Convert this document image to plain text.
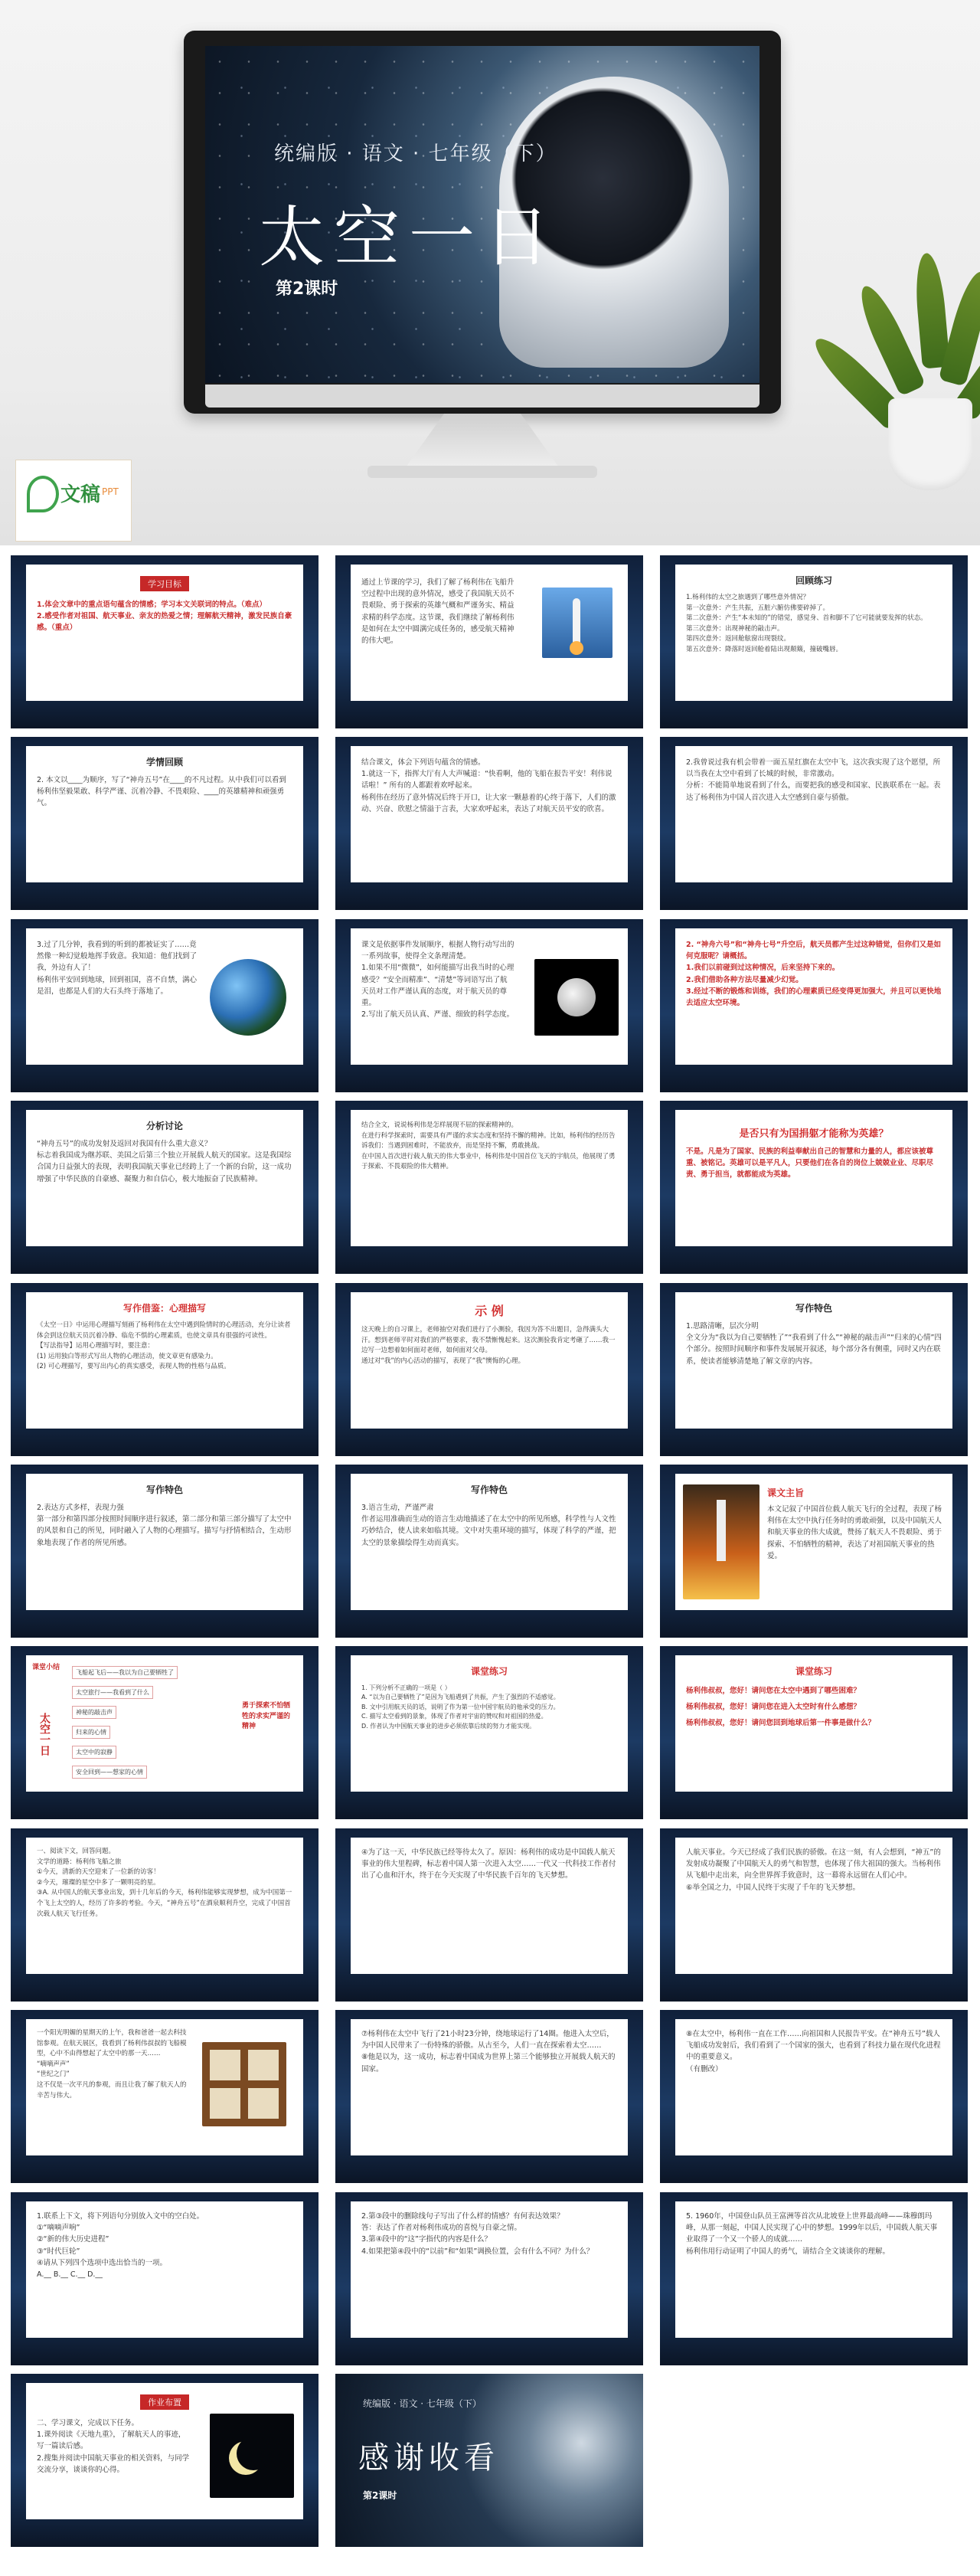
统编版 · 语文 · 七年级（下）
太空一日
第2课时
文稿 PPT
学习目标
1.体会文章中的重点语句蕴含的情感；学习本文关联词的特点。（难点）
2.感受作者对祖国、航天事业、亲友的热爱之情；理解航天精神，激发民族自豪感。（重点）
通过上节课的学习，我们了解了杨利伟在飞船升空过程中出现的意外情况，感受了我国航天员不畏艰险、勇于探索的英雄气概和严谨务实、精益求精的科学态度。这节课，我们继续了解杨利伟是如何在太空中圆满完成任务的，感受航天精神的伟大吧。
回顾练习
1.杨利伟的太空之旅遇到了哪些意外情况？
第一次意外：产生共振，五脏六腑仿佛要碎掉了。
第二次意外：产生“本未知的”的错觉，感觉身、首和脚不了它可能就要发挥的状态。
第三次意外：出现神秘的敲击声。
第四次意外：返回舱舷窗出现裂纹。
第五次意外：降落时返回舱着陆出现颠簸，撞破嘴唇。
学情回顾
2. 本文以____为顺序，写了“神舟五号”在____的不凡过程。从中我们可以看到杨利伟坚毅果敢、科学严谨、沉着冷静、不畏艰险、____的英雄精神和顽强勇气。
结合课文，体会下列语句蕴含的情感。
1.就这一下，指挥大厅有人大声喊道：“快看啊，他的飞船在报告平安！利伟说话啦！” 所有的人都跟着欢呼起来。
杨利伟在经历了意外情况后终于开口，让大家一颗悬着的心终于落下，人们的激动、兴奋、欣慰之情溢于言表，大家欢呼起来，表达了对航天员平安的欣喜。
2.我曾说过我有机会带着一面五星红旗在太空中飞，这次我实现了这个愿望，所以当我在太空中看到了长城的时候，非常激动。
分析：不能简单地说看到了什么，而要把我的感受和国家、民族联系在一起。表达了杨利伟为中国人首次进入太空感到自豪与骄傲。
3.过了几分钟，我看到的听到的都被证实了……竟然像一种幻觉般地挥手致意。我知道：他们找到了我，外边有人了！
杨利伟平安回到地球，回到祖国，喜不自禁，满心是泪，也都是人们的大石头终于落地了。
课文是依据事件发展顺序，根据人物行动写出的一系列故事，使得全文条理清楚。
1.如果不用“微微”，如何能描写出我当时的心理感受？“安全而精准”、“清楚”等词语写出了航天员对工作严谨认真的态度，对于航天员的尊重。
2.写出了航天员认真、严谨、细致的科学态度。
2. “神舟六号”和“神舟七号”升空后，航天员都产生过这种错觉，但你们又是如何克服呢？请概括。
1.我们以前碰到过这种情况，后来坚持下来的。
2.我们借助各种方法尽量减少幻觉。
3.经过不断的锻炼和训练，我们的心理素质已经变得更加强大，并且可以更快地去适应太空环境。
分析讨论
“神舟五号”的成功发射及返回对我国有什么重大意义？
标志着我国成为继苏联、美国之后第三个独立开展载人航天的国家。这是我国综合国力日益强大的表现，表明我国航天事业已经跨上了一个新的台阶，这一成功增强了中华民族的自豪感、凝聚力和自信心，极大地振奋了民族精神。
结合全文，说说杨利伟是怎样展现不屈的探索精神的。
在进行科学探索时，需要具有严谨的求实态度和坚持不懈的精神。比如，杨利伟的经历告诉我们：当遇到困难时，不能放弃，而是坚持不懈，勇敢挑战。
在中国人首次进行载人航天的伟大事业中，杨利伟是中国首位飞天的宇航员，他展现了勇于探索、不畏艰险的伟大精神。
是否只有为国捐躯才能称为英雄？
不是。凡是为了国家、民族的利益奉献出自己的智慧和力量的人，都应该被尊重、被铭记。英雄可以是平凡人，只要他们在各自的岗位上兢兢业业、尽职尽责、勇于担当，就都能成为英雄。
写作借鉴：心理描写
《太空一日》中运用心理描写刻画了杨利伟在太空中遇到险情时的心理活动，充分让读者体会到这位航天员沉着冷静、临危不惧的心理素质，也使文章具有很强的可读性。
【写法指导】运用心理描写时，要注意：
(1) 运用独白等形式写出人物的心理活动，使文章更有感染力。
(2) 可心理描写，要写出内心的真实感受，表现人物的性格与品质。
示 例
这天晚上的自习课上，老师抽空对我们进行了小测验，我因为答不出题目，急得满头大汗。想到老师平时对我们的严格要求，我不禁惭愧起来。这次测验我肯定考砸了……我一边写一边想着如何面对老师，如何面对父母。
通过对“我”的内心活动的描写，表现了“我”懊悔的心理。
写作特色
1.思路清晰，层次分明
全文分为“我以为自己要牺牲了”“我看到了什么”“神秘的敲击声”“归来的心情”四个部分。按照时间顺序和事件发展展开叙述，每个部分各有侧重，同时又内在联系，使读者能够清楚地了解文章的内容。
写作特色
2.表达方式多样，表现力强
第一部分和第四部分按照时间顺序进行叙述，第二部分和第三部分描写了太空中的风景和自己的所见，同时融入了人物的心理描写。描写与抒情相结合，生动形象地表现了作者的所见所感。
写作特色
3.语言生动，严谨严肃
作者运用准确而生动的语言生动地描述了在太空中的所见所感，科学性与人文性巧妙结合，使人读来如临其境。文中对失重环境的描写，体现了科学的严谨，把太空的景象描绘得生动而真实。
课文主旨
本文记叙了中国首位载人航天飞行的全过程，表现了杨利伟在太空中执行任务时的勇敢顽强，以及中国航天人和航天事业的伟大成就，赞扬了航天人不畏艰险、勇于探索、不怕牺牲的精神，表达了对祖国航天事业的热爱。
课堂小结
太空一日
飞船起飞后——我以为自己要牺牲了
太空旅行——我看到了什么
神秘的敲击声
归来的心情
太空中的寂静
安全回到——想家的心情
勇于探索不怕牺牲的求实严谨的精神
课堂练习
1. 下列分析不正确的一项是（ ）
A. “以为自己要牺牲了”是因为飞船遇到了共振，产生了强烈的不适感觉。
B. 文中引用航天员的话，说明了作为第一位中国宇航员的他承受的压力。
C. 描写太空看到的景象，体现了作者对宇宙的赞叹和对祖国的热爱。
D. 作者认为中国航天事业的进步必须依靠后续的努力才能实现。
课堂练习
杨利伟叔叔，您好！请问您在太空中遇到了哪些困难？
杨利伟叔叔，您好！请问您在进入太空时有什么感想？
杨利伟叔叔，您好！请问您回到地球后第一件事是做什么？
一、阅读下文，回答问题。
文学的道路：杨利伟飞船之旅
①今天，清新的天空迎来了一位新的访客！
②今天，璀璨的星空中多了一颗明亮的星。
③A. 从中国人的航天事业出发，到十几年后的今天，杨利伟能够实现梦想，成为中国第一个飞上太空的人，经历了许多的考验。今天，“神舟五号”在酒泉顺利升空，完成了中国首次载人航天飞行任务。
④为了这一天，中华民族已经等待太久了。原因：杨利伟的成功是中国载人航天事业的伟大里程碑，标志着中国人第一次进入太空……一代又一代科技工作者付出了心血和汗水，终于在今天实现了中华民族千百年的飞天梦想。
人航天事业。今天已经成了我们民族的骄傲。在这一刻，有人会想到，“神五”的发射成功凝聚了中国航天人的勇气和智慧，也体现了伟大祖国的强大。当杨利伟从飞船中走出来，向全世界挥手致意时，这一幕将永远留在人们心中。
⑥举全国之力，中国人民终于实现了千年的飞天梦想。
一个阳光明媚的星期天的上午，我和爸爸一起去科技馆参观。在航天展区，我看到了杨利伟叔叔的飞船模型，心中不由得想起了太空中的那一天……
“嘀嘀声声”
“世纪之门”
这不仅是一次平凡的参观，而且让我了解了航天人的辛苦与伟大。
⑦杨利伟在太空中飞行了21小时23分钟，绕地球运行了14圈。他进入太空后，为中国人民带来了一份特殊的骄傲。从古至今，人们一直在探索着太空……
⑧他是以为，这一成功，标志着中国成为世界上第三个能够独立开展载人航天的国家。
⑧在太空中，杨利伟一直在工作……向祖国和人民报告平安。在“神舟五号”载人飞船成功发射后，我们看到了一个国家的强大，也看到了科技力量在现代化进程中的重要意义。
（有删改）
1.联系上下文，将下列语句分别放入文中的空白处。
①“嘀嘀声响”
②“新的伟大历史进程”
③“时代巨轮”
④请从下列四个选项中选出恰当的一项。
A.__ B.__ C.__ D.__
2.第③段中的删除线句子写出了什么样的情感？有何表达效果？
答：表达了作者对杨利伟成功的喜悦与自豪之情。
3.第④段中的“这”字指代的内容是什么？
4.如果把第④段中的“以前”和“如果”调换位置，会有什么不同？为什么？
5. 1960年，中国登山队员王富洲等首次从北坡登上世界最高峰——珠穆朗玛峰，从那一刻起，中国人民实现了心中的梦想。1999年以后，中国载人航天事业取得了一个又一个骄人的成就……
杨利伟用行动证明了中国人的勇气，请结合全文谈谈你的理解。
作业布置
二、学习课文，完成以下任务。
1.课外阅读《天地九重》，了解航天人的事迹，写一篇读后感。
2.搜集并阅读中国航天事业的相关资料，与同学交流分享，谈谈你的心得。
统编版 · 语文 · 七年级（下）
感谢收看
第2课时
